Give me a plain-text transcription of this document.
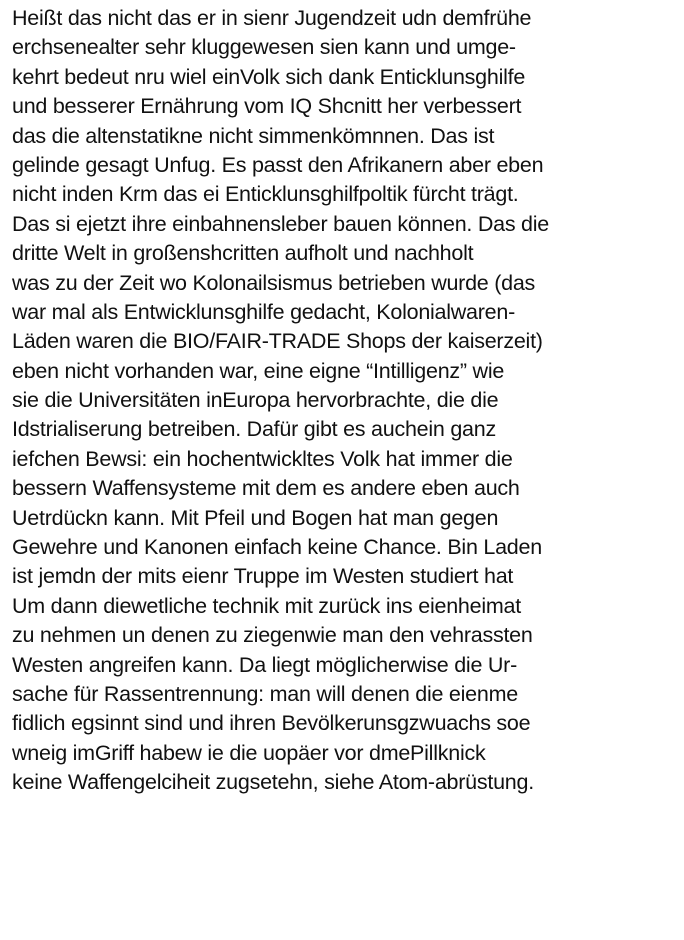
Heißt das nicht das er in sienr Jugendzeit udn demfrühe
erchsenealter sehr kluggewesen sien kann und umge-
kehrt bedeut nru wiel einVolk sich dank Enticklunsghilfe
und besserer Ernährung vom IQ Shcnitt her verbessert
das die altenstatikne nicht simmenkömnnen. Das ist
gelinde gesagt Unfug. Es passt den Afrikanern aber eben
nicht inden Krm das ei Enticklunsghilfpoltik fürcht trägt.
Das si ejetzt ihre einbahnensleber bauen können. Das die
dritte Welt in großenshcritten aufholt und nachholt
was zu der Zeit wo Kolonailsismus betrieben wurde (das
war mal als Entwicklunsghilfe gedacht, Kolonialwaren-
Läden waren die BIO/FAIR-TRADE Shops der kaiserzeit)
eben nicht vorhanden war, eine eigne “Intilligenz” wie
sie die Universitäten inEuropa hervorbrachte, die die
Idstrialiserung betreiben. Dafür gibt es auchein ganz
iefchen Bewsi: ein hochentwickltes Volk hat immer die
bessern Waffensysteme mit dem es andere eben auch
Uetrdückn kann. Mit Pfeil und Bogen hat man gegen
Gewehre und Kanonen einfach keine Chance. Bin Laden
ist jemdn der mits eienr Truppe im Westen studiert hat
Um dann diewetliche technik mit zurück ins eienheimat
zu nehmen un denen zu ziegenwie man den vehrassten
Westen angreifen kann. Da liegt möglicherwise die Ur-
sache für Rassentrennung: man will denen die eienme
fidlich egsinnt sind und ihren Bevölkerunsgzwuachs soe
wneig imGriff habew ie die uopäer vor dmePillknick
keine Waffengelciheit zugsetehn, siehe Atom-abrüstung.
